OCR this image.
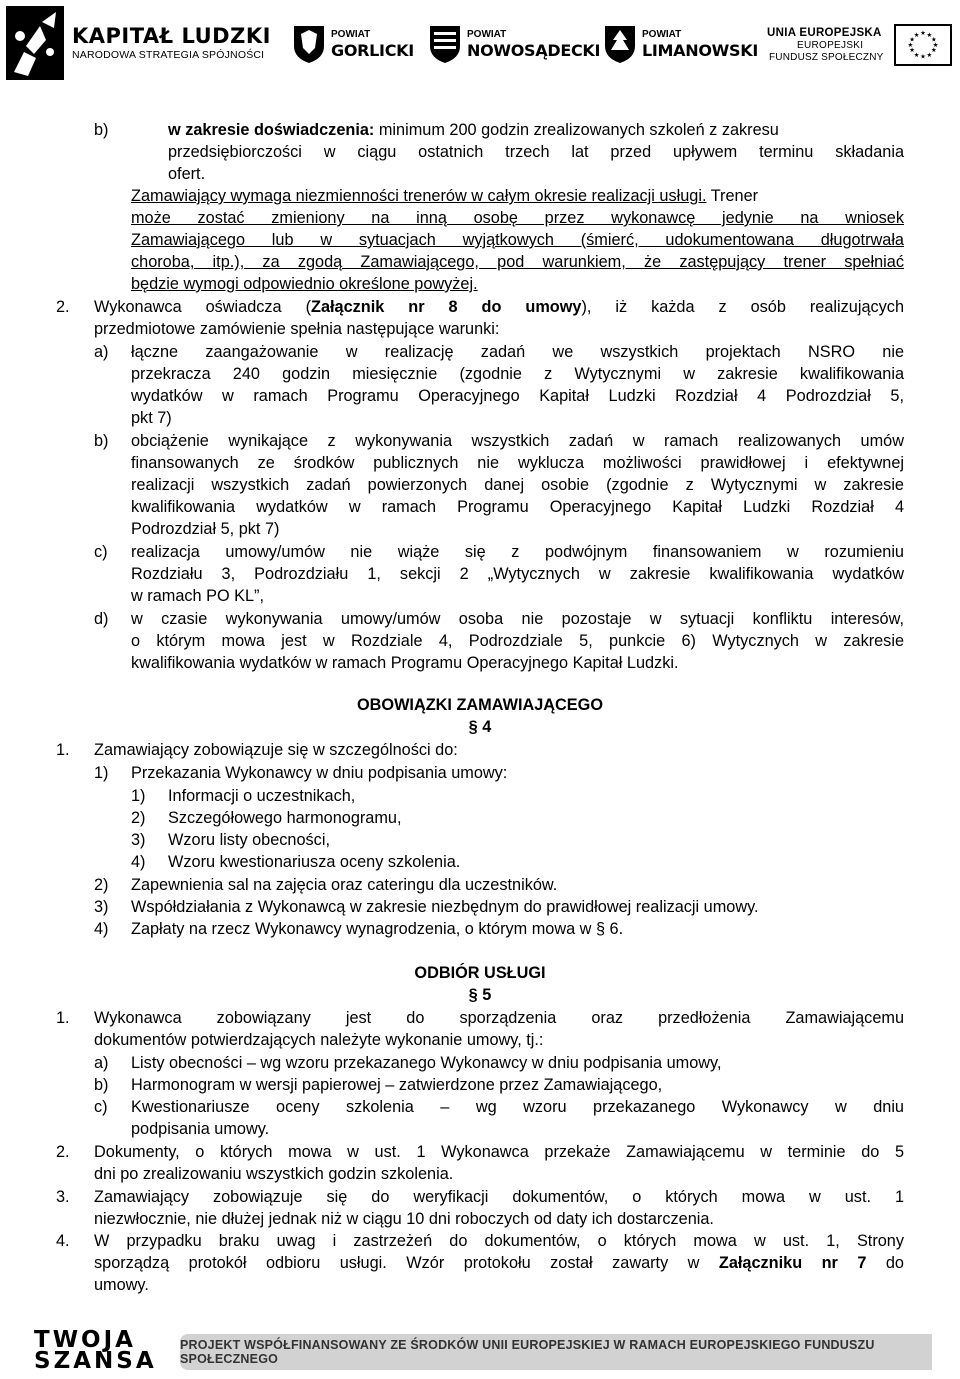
KAPITAŁ LUDZKI
NARODOWA STRATEGIA SPÓJNOŚCI
POWIAT
GORLICKI
POWIAT
NOWOSĄDECKI
POWIAT
LIMANOWSKI
UNIA EUROPEJSKA
EUROPEJSKI
FUNDUSZ SPOŁECZNY
★ ★
★
★
★
★
★
★
★
★
★
★
b)	w zakresie doświadczenia: minimum 200 godzin zrealizowanych szkoleń z zakresu
przedsiębiorczości w ciągu ostatnich trzech lat przed upływem terminu składania
ofert.
Zamawiający wymaga niezmienności trenerów w całym okresie realizacji usługi. Trener
może zostać zmieniony na inną osobę przez wykonawcę jedynie na wniosek
Zamawiającego lub w sytuacjach wyjątkowych (śmierć, udokumentowana długotrwała
choroba, itp.), za zgodą Zamawiającego, pod warunkiem, że zastępujący trener spełniać
będzie wymogi odpowiednio określone powyżej.
2. Wykonawca oświadcza (Załącznik nr 8 do umowy), iż każda z osób realizujących
przedmiotowe zamówienie spełnia następujące warunki:
a) łączne zaangażowanie w realizację zadań we wszystkich projektach NSRO nie
przekracza 240 godzin miesięcznie (zgodnie z Wytycznymi w zakresie kwalifikowania
wydatków w ramach Programu Operacyjnego Kapitał Ludzki Rozdział 4 Podrozdział 5,
pkt 7)
b) obciążenie wynikające z wykonywania wszystkich zadań w ramach realizowanych umów
finansowanych ze środków publicznych nie wyklucza możliwości prawidłowej i efektywnej
realizacji wszystkich zadań powierzonych danej osobie (zgodnie z Wytycznymi w zakresie
kwalifikowania wydatków w ramach Programu Operacyjnego Kapitał Ludzki Rozdział 4
Podrozdział 5, pkt 7)
c) realizacja umowy/umów nie wiąże się z podwójnym finansowaniem w rozumieniu
Rozdziału 3, Podrozdziału 1, sekcji 2 „Wytycznych w zakresie kwalifikowania wydatków
w ramach PO KL”,
d) w czasie wykonywania umowy/umów osoba nie pozostaje w sytuacji konfliktu interesów,
o którym mowa jest w Rozdziale 4, Podrozdziale 5, punkcie 6) Wytycznych w zakresie
kwalifikowania wydatków w ramach Programu Operacyjnego Kapitał Ludzki.
OBOWIĄZKI ZAMAWIAJĄCEGO
§ 4
1. Zamawiający zobowiązuje się w szczególności do:
1) Przekazania Wykonawcy w dniu podpisania umowy:
1) Informacji o uczestnikach,
2) Szczegółowego harmonogramu,
3) Wzoru listy obecności,
4) Wzoru kwestionariusza oceny szkolenia.
2) Zapewnienia sal na zajęcia oraz cateringu dla uczestników.
3) Współdziałania z Wykonawcą w zakresie niezbędnym do prawidłowej realizacji umowy.
4) Zapłaty na rzecz Wykonawcy wynagrodzenia, o którym mowa w § 6.
ODBIÓR USŁUGI
§ 5
1. Wykonawca zobowiązany jest do sporządzenia oraz przedłożenia Zamawiającemu
dokumentów potwierdzających należyte wykonanie umowy, tj.:
a) Listy obecności – wg wzoru przekazanego Wykonawcy w dniu podpisania umowy,
b) Harmonogram w wersji papierowej – zatwierdzone przez Zamawiającego,
c) Kwestionariusze oceny szkolenia – wg wzoru przekazanego Wykonawcy w dniu
podpisania umowy.
2. Dokumenty, o których mowa w ust. 1 Wykonawca przekaże Zamawiającemu w terminie do 5
dni po zrealizowaniu wszystkich godzin szkolenia.
3. Zamawiający zobowiązuje się do weryfikacji dokumentów, o których mowa w ust. 1
niezwłocznie, nie dłużej jednak niż w ciągu 10 dni roboczych od daty ich dostarczenia.
4. W przypadku braku uwag i zastrzeżeń do dokumentów, o których mowa w ust. 1, Strony
sporządzą protokół odbioru usługi. Wzór protokołu został zawarty w Załączniku nr 7 do
umowy.
TWOJA
SZANSA
PROJEKT WSPÓŁFINANSOWANY ZE ŚRODKÓW UNII EUROPEJSKIEJ W RAMACH EUROPEJSKIEGO FUNDUSZU SPOŁECZNEGO
